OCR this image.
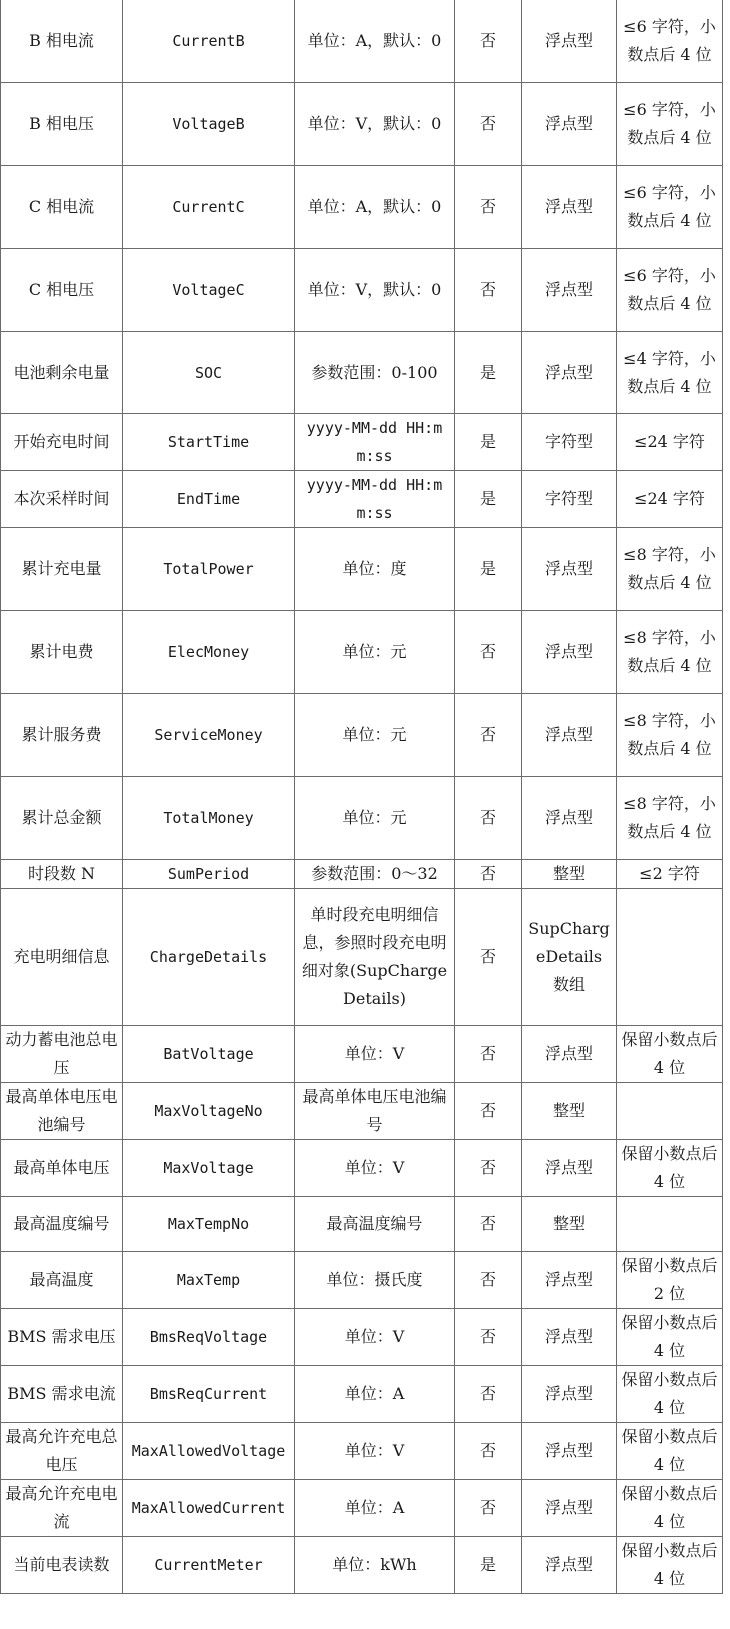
B 相电流	CurrentB	单位：A，默认：0	否	浮点型	≤6 字符，小数点后 4 位
B 相电压	VoltageB	单位：V，默认：0	否	浮点型	≤6 字符，小数点后 4 位
C 相电流	CurrentC	单位：A，默认：0	否	浮点型	≤6 字符，小数点后 4 位
C 相电压	VoltageC	单位：V，默认：0	否	浮点型	≤6 字符，小数点后 4 位
电池剩余电量	SOC	参数范围：0-100	是	浮点型	≤4 字符，小数点后 4 位
开始充电时间	StartTime	yyyy-MM-dd HH:mm:ss	是	字符型	≤24 字符
本次采样时间	EndTime	yyyy-MM-dd HH:mm:ss	是	字符型	≤24 字符
累计充电量	TotalPower	单位：度	是	浮点型	≤8 字符，小数点后 4 位
累计电费	ElecMoney	单位：元	否	浮点型	≤8 字符，小数点后 4 位
累计服务费	ServiceMoney	单位：元	否	浮点型	≤8 字符，小数点后 4 位
累计总金额	TotalMoney	单位：元	否	浮点型	≤8 字符，小数点后 4 位
时段数 N	SumPeriod	参数范围：0～32	否	整型	≤2 字符
充电明细信息	ChargeDetails	单时段充电明细信息，参照时段充电明细对象(SupChargeDetails)	否	SupChargeDetails 数组	
动力蓄电池总电压	BatVoltage	单位：V	否	浮点型	保留小数点后 4 位
最高单体电压电池编号	MaxVoltageNo	最高单体电压电池编号	否	整型	
最高单体电压	MaxVoltage	单位：V	否	浮点型	保留小数点后 4 位
最高温度编号	MaxTempNo	最高温度编号	否	整型	
最高温度	MaxTemp	单位：摄氏度	否	浮点型	保留小数点后 2 位
BMS 需求电压	BmsReqVoltage	单位：V	否	浮点型	保留小数点后 4 位
BMS 需求电流	BmsReqCurrent	单位：A	否	浮点型	保留小数点后 4 位
最高允许充电总电压	MaxAllowedVoltage	单位：V	否	浮点型	保留小数点后 4 位
最高允许充电电流	MaxAllowedCurrent	单位：A	否	浮点型	保留小数点后 4 位
当前电表读数	CurrentMeter	单位：kWh	是	浮点型	保留小数点后 4 位
